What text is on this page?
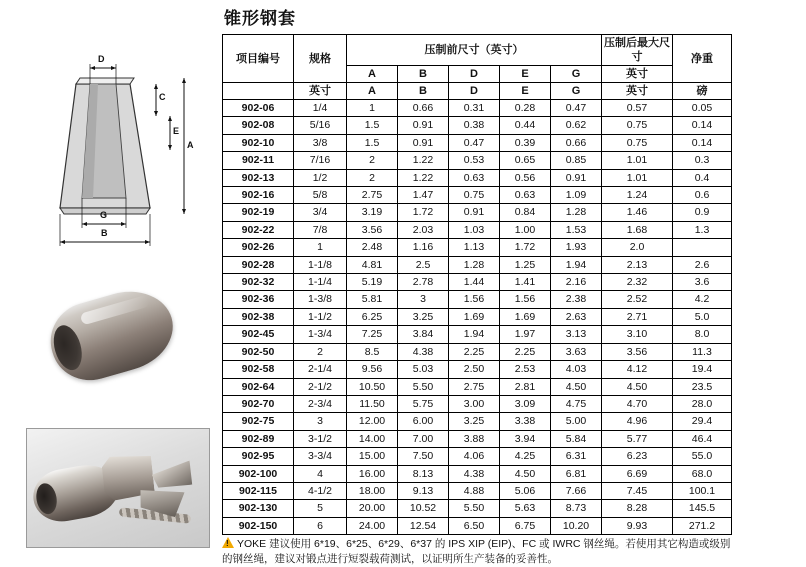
锥形钢套
D
C
E
A
G
B
项目编号	规格	压制前尺寸（英寸）					压制后最大尺寸	净重
		A	B	D	E	G	英寸	
	英寸	A	B	D	E	G	英寸	磅
902-06	1/4	1	0.66	0.31	0.28	0.47	0.57	0.05
902-08	5/16	1.5	0.91	0.38	0.44	0.62	0.75	0.14
902-10	3/8	1.5	0.91	0.47	0.39	0.66	0.75	0.14
902-11	7/16	2	1.22	0.53	0.65	0.85	1.01	0.3
902-13	1/2	2	1.22	0.63	0.56	0.91	1.01	0.4
902-16	5/8	2.75	1.47	0.75	0.63	1.09	1.24	0.6
902-19	3/4	3.19	1.72	0.91	0.84	1.28	1.46	0.9
902-22	7/8	3.56	2.03	1.03	1.00	1.53	1.68	1.3
902-26	1	2.48	1.16	1.13	1.72	1.93	2.0	
902-28	1-1/8	4.81	2.5	1.28	1.25	1.94	2.13	2.6
902-32	1-1/4	5.19	2.78	1.44	1.41	2.16	2.32	3.6
902-36	1-3/8	5.81	3	1.56	1.56	2.38	2.52	4.2
902-38	1-1/2	6.25	3.25	1.69	1.69	2.63	2.71	5.0
902-45	1-3/4	7.25	3.84	1.94	1.97	3.13	3.10	8.0
902-50	2	8.5	4.38	2.25	2.25	3.63	3.56	11.3
902-58	2-1/4	9.56	5.03	2.50	2.53	4.03	4.12	19.4
902-64	2-1/2	10.50	5.50	2.75	2.81	4.50	4.50	23.5
902-70	2-3/4	11.50	5.75	3.00	3.09	4.75	4.70	28.0
902-75	3	12.00	6.00	3.25	3.38	5.00	4.96	29.4
902-89	3-1/2	14.00	7.00	3.88	3.94	5.84	5.77	46.4
902-95	3-3/4	15.00	7.50	4.06	4.25	6.31	6.23	55.0
902-100	4	16.00	8.13	4.38	4.50	6.81	6.69	68.0
902-115	4-1/2	18.00	9.13	4.88	5.06	7.66	7.45	100.1
902-130	5	20.00	10.52	5.50	5.63	8.73	8.28	145.5
902-150	6	24.00	12.54	6.50	6.75	10.20	9.93	271.2
!YOKE 建议使用 6*19、6*25、6*29、6*37 的 IPS XIP (EIP)、FC 或 IWRC 钢丝绳。若使用其它构造或级别
的钢丝绳，建议对锻点进行短裂载荷测试，以证明所生产装备的妥善性。
